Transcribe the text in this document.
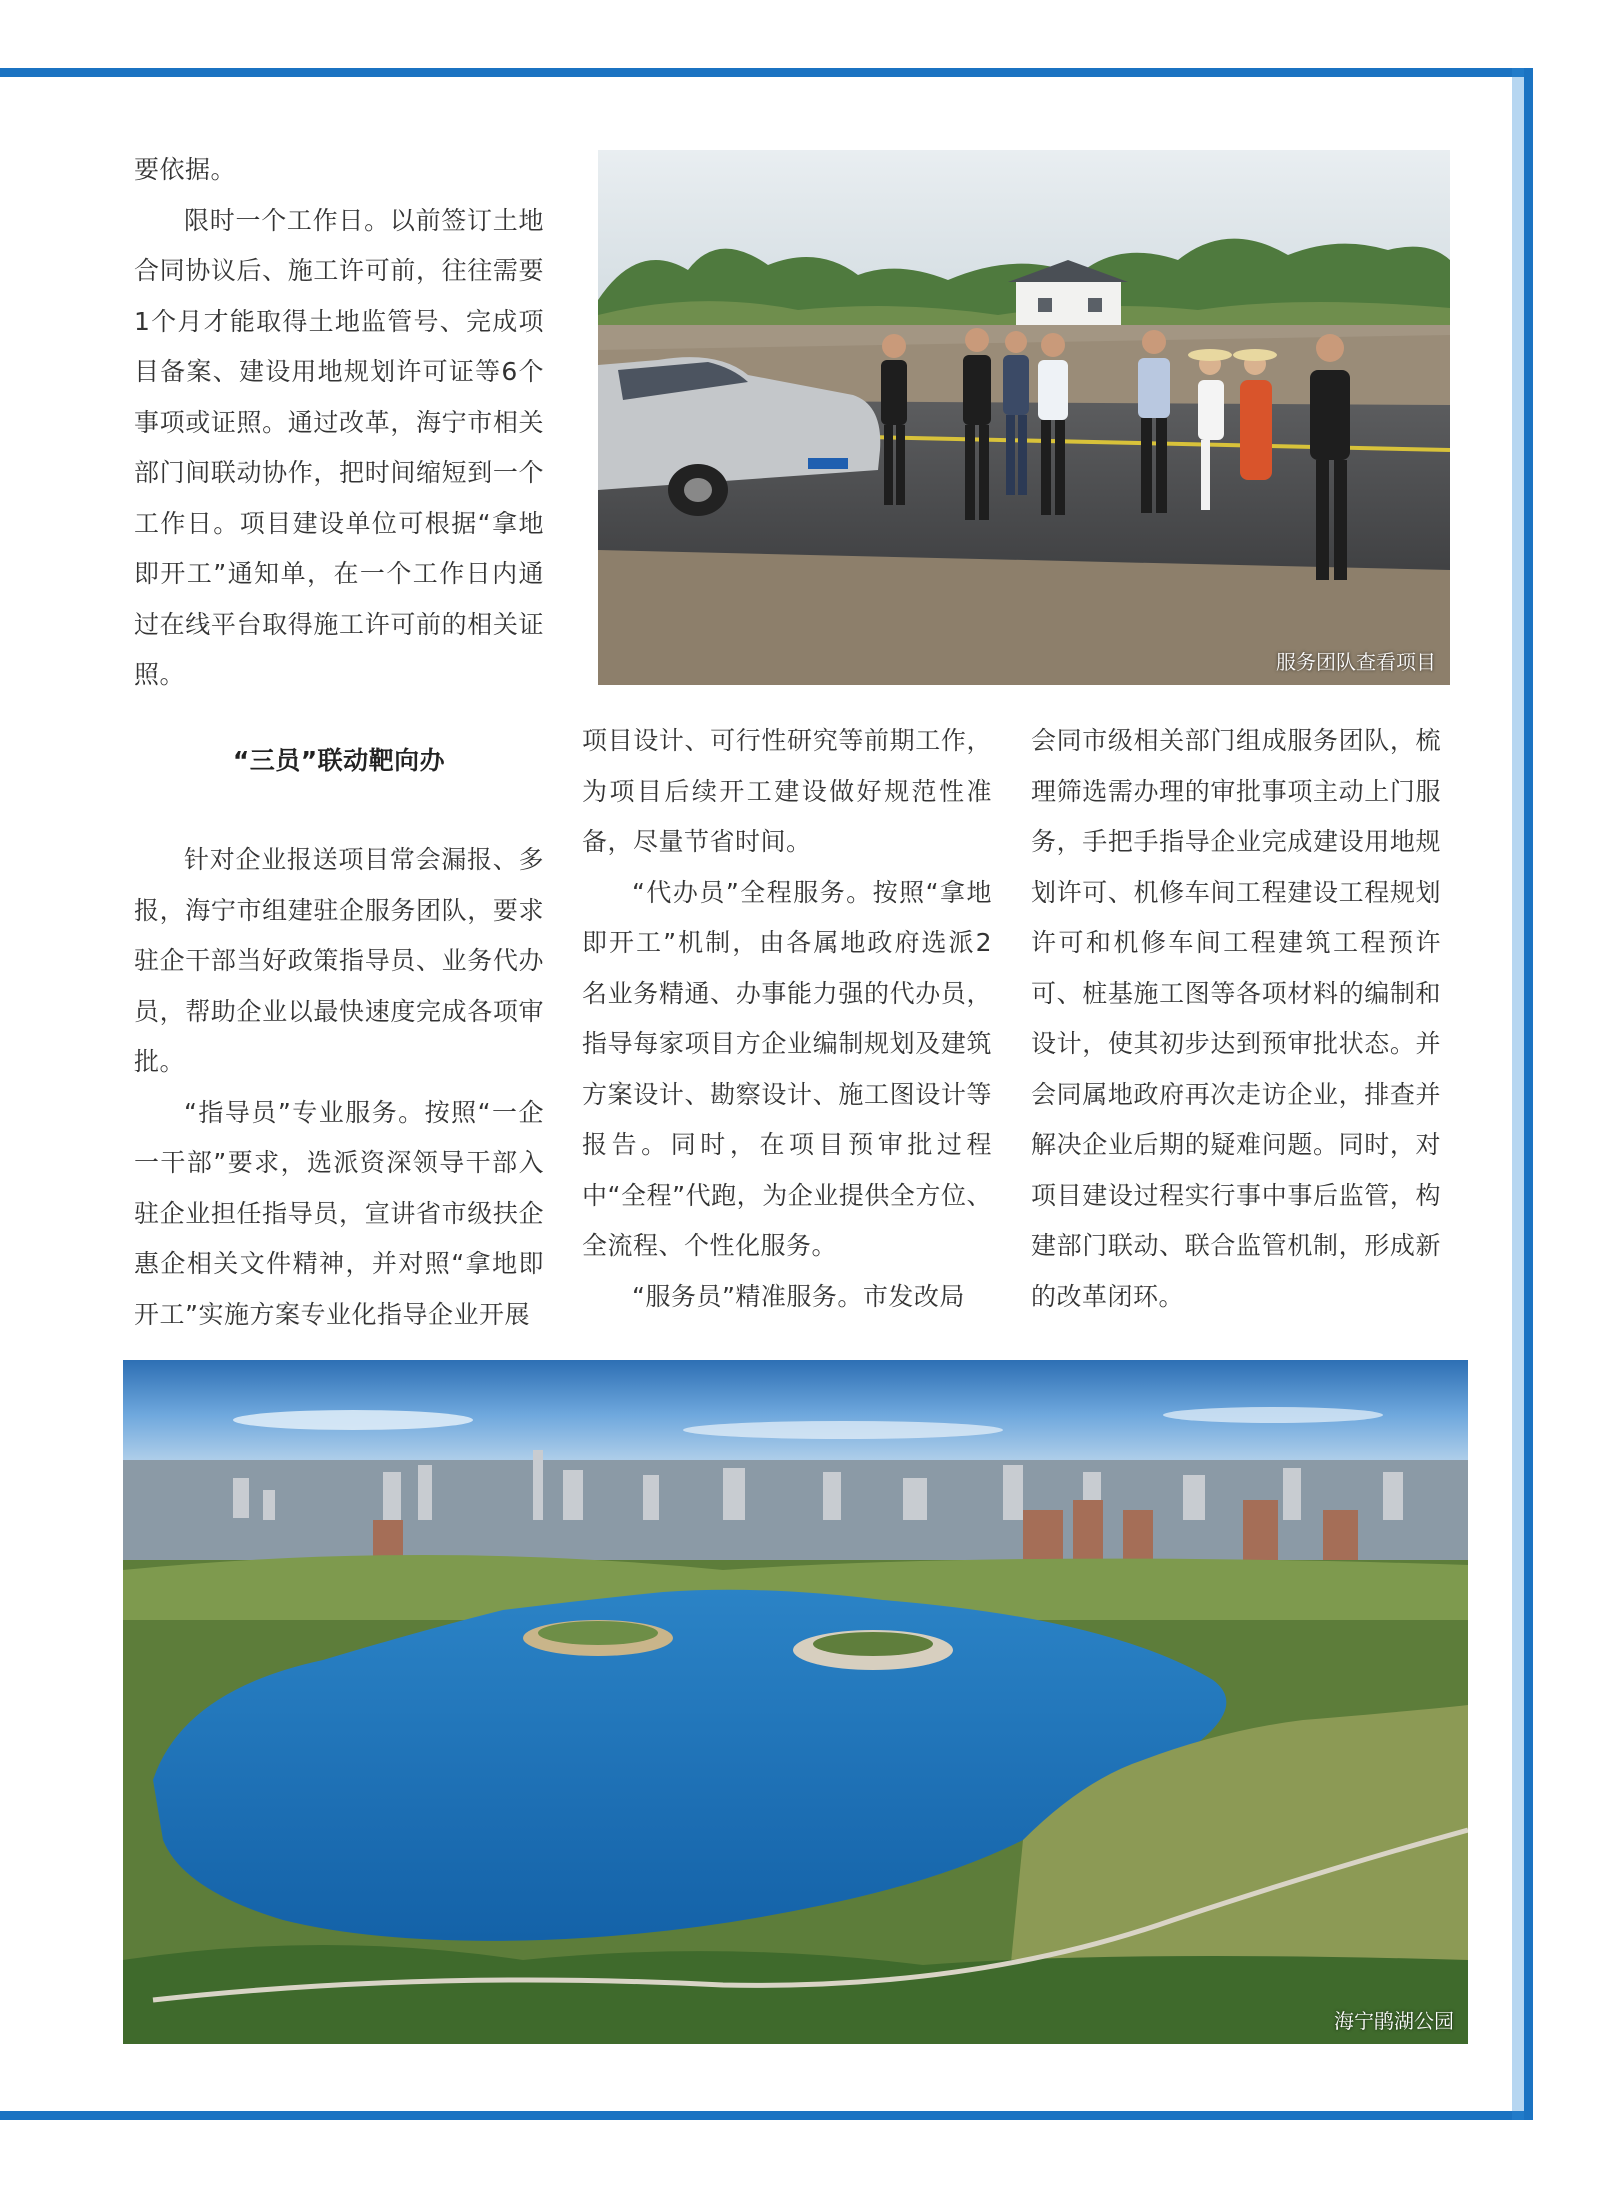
要依据。

限时一个工作日。以前签订土地合同协议后、施工许可前，往往需要1个月才能取得土地监管号、完成项目备案、建设用地规划许可证等6个事项或证照。通过改革，海宁市相关部门间联动协作，把时间缩短到一个工作日。项目建设单位可根据“拿地即开工”通知单，在一个工作日内通过在线平台取得施工许可前的相关证照。	服务团队查看项目
“三员”联动靶向办

针对企业报送项目常会漏报、多报，海宁市组建驻企服务团队，要求驻企干部当好政策指导员、业务代办员，帮助企业以最快速度完成各项审批。

“指导员”专业服务。按照“一企一干部”要求，选派资深领导干部入驻企业担任指导员，宣讲省市级扶企惠企相关文件精神，并对照“拿地即开工”实施方案专业化指导企业开展

项目设计、可行性研究等前期工作，为项目后续开工建设做好规范性准备，尽量节省时间。

“代办员”全程服务。按照“拿地即开工”机制，由各属地政府选派2名业务精通、办事能力强的代办员，指导每家项目方企业编制规划及建筑方案设计、勘察设计、施工图设计等报告。同时，在项目预审批过程中“全程”代跑，为企业提供全方位、全流程、个性化服务。

“服务员”精准服务。市发改局

会同市级相关部门组成服务团队，梳理筛选需办理的审批事项主动上门服务，手把手指导企业完成建设用地规划许可、机修车间工程建设工程规划许可和机修车间工程建筑工程预许可、桩基施工图等各项材料的编制和设计，使其初步达到预审批状态。并会同属地政府再次走访企业，排查并解决企业后期的疑难问题。同时，对项目建设过程实行事中事后监管，构建部门联动、联合监管机制，形成新的改革闭环。

海宁鹃湖公园
